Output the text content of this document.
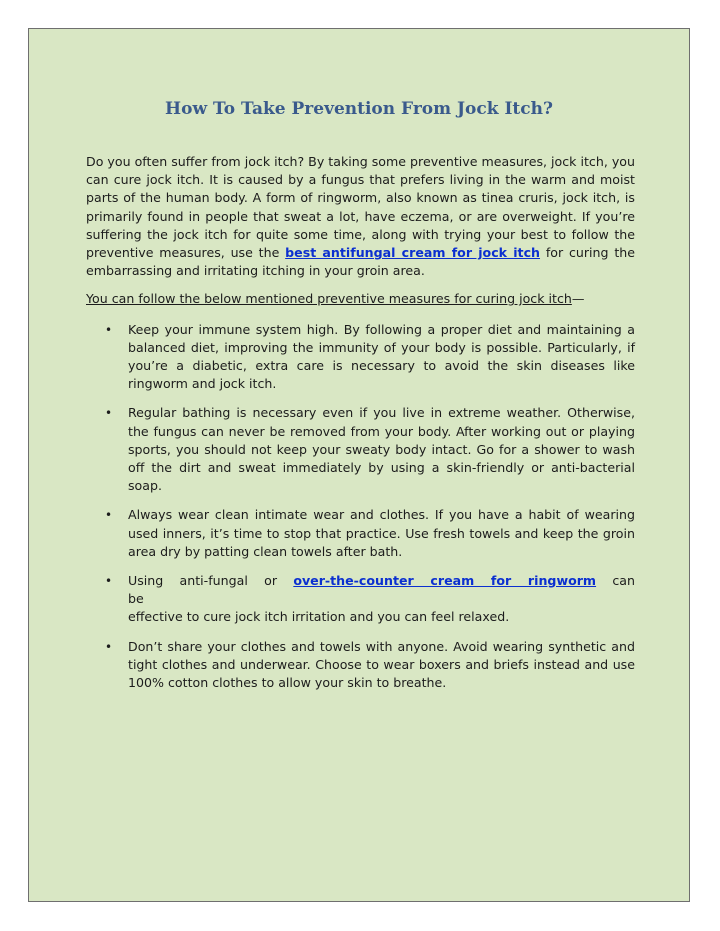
How To Take Prevention From Jock Itch?

Do you often suffer from jock itch? By taking some preventive measures, jock itch, you can cure jock itch. It is caused by a fungus that prefers living in the warm and moist parts of the human body. A form of ringworm, also known as tinea cruris, jock itch, is primarily found in people that sweat a lot, have eczema, or are overweight. If you’re suffering the jock itch for quite some time, along with trying your best to follow the preventive measures, use the best antifungal cream for jock itch for curing the embarrassing and irritating itching in your groin area.

You can follow the below mentioned preventive measures for curing jock itch—

• Keep your immune system high. By following a proper diet and maintaining a balanced diet, improving the immunity of your body is possible. Particularly, if you’re a diabetic, extra care is necessary to avoid the skin diseases like ringworm and jock itch.
• Regular bathing is necessary even if you live in extreme weather. Otherwise, the fungus can never be removed from your body. After working out or playing sports, you should not keep your sweaty body intact. Go for a shower to wash off the dirt and sweat immediately by using a skin-friendly or anti-bacterial soap.
• Always wear clean intimate wear and clothes. If you have a habit of wearing used inners, it’s time to stop that practice. Use fresh towels and keep the groin area dry by patting clean towels after bath.
• Using anti-fungal or over-the-counter cream for ringworm can be
effective to cure jock itch irritation and you can feel relaxed.
• Don’t share your clothes and towels with anyone. Avoid wearing synthetic and tight clothes and underwear. Choose to wear boxers and briefs instead and use 100% cotton clothes to allow your skin to breathe.
